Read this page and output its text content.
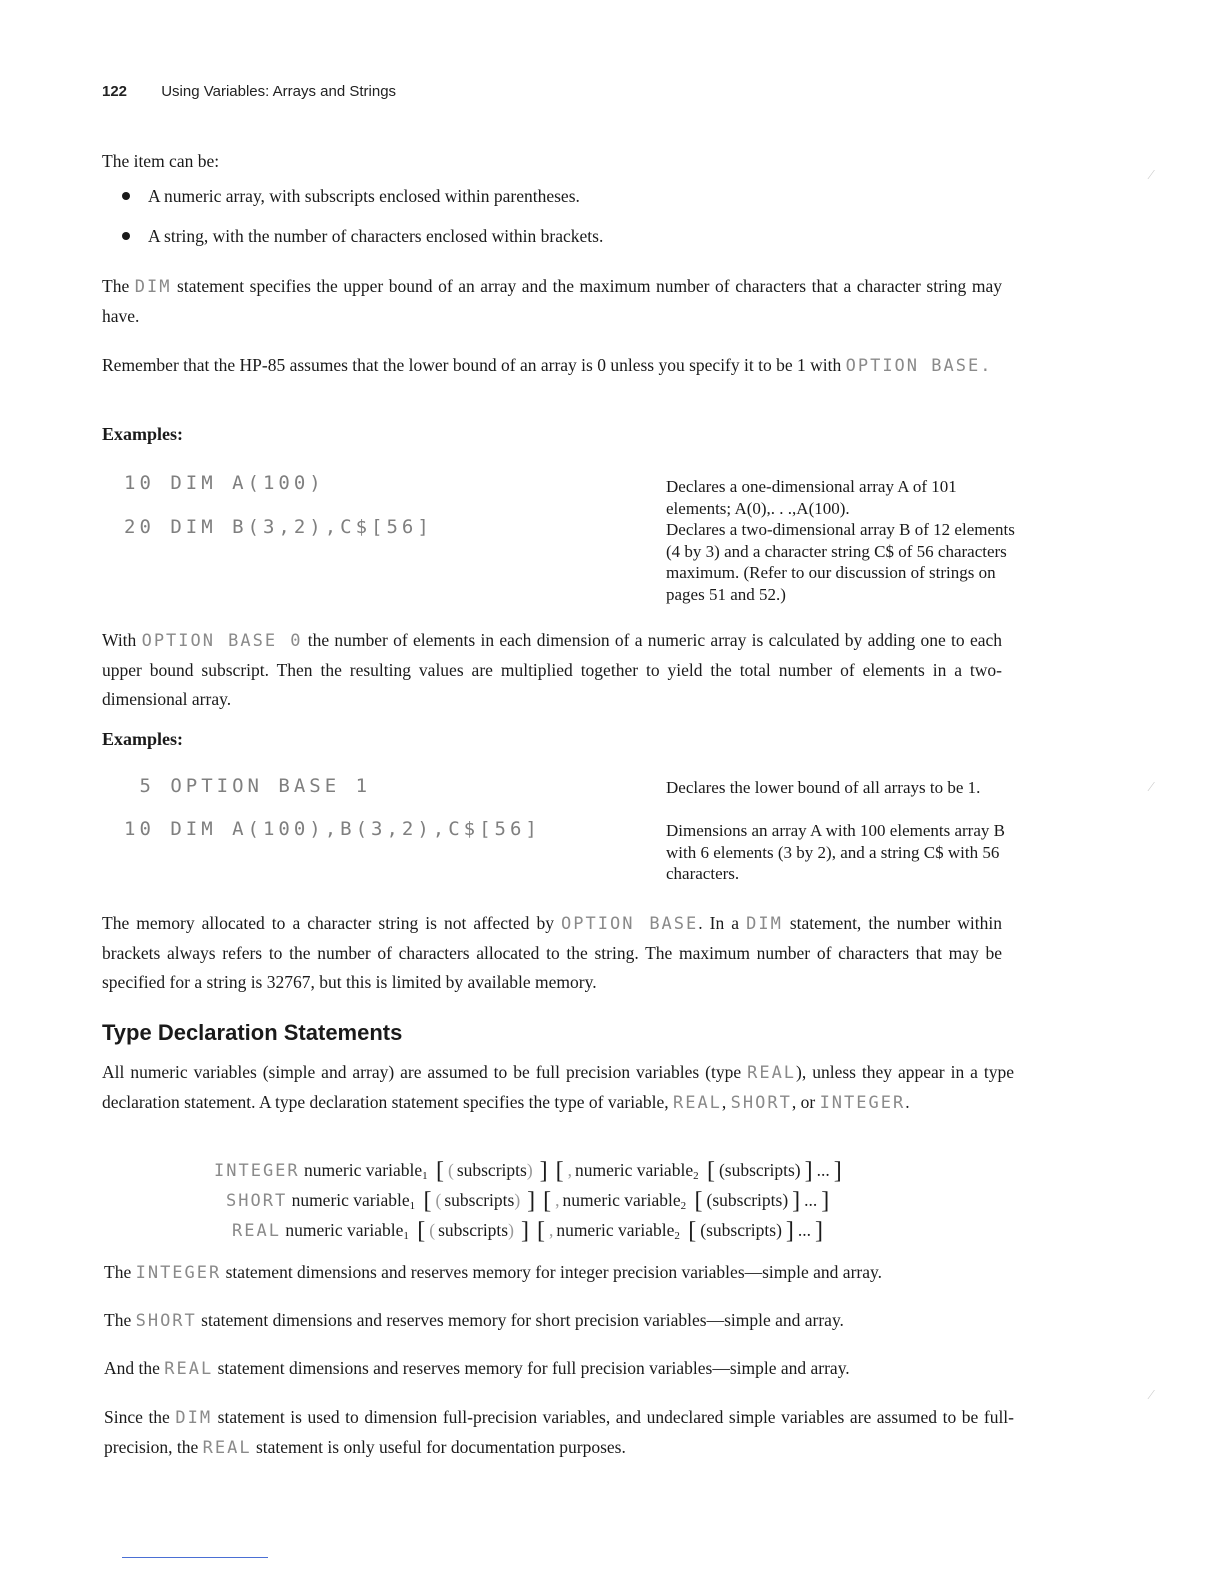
122 Using Variables: Arrays and Strings
The item can be:
A numeric array, with subscripts enclosed within parentheses.
A string, with the number of characters enclosed within brackets.
The DIM statement specifies the upper bound of an array and the maximum number of characters that a character string may have.
Remember that the HP-85 assumes that the lower bound of an array is 0 unless you specify it to be 1 with OPTION BASE.
Examples:
10 DIM A(100)	Declares a one-dimensional array A of 101 elements; A(0),. . .,A(100).
20 DIM B(3,2),C$[56]	Declares a two-dimensional array B of 12 elements (4 by 3) and a character string C$ of 56 characters maximum. (Refer to our discussion of strings on pages 51 and 52.)
With OPTION BASE 0 the number of elements in each dimension of a numeric array is calculated by adding one to each upper bound subscript. Then the resulting values are multiplied together to yield the total number of elements in a two-dimensional array.
Examples:
5 OPTION BASE 1	Declares the lower bound of all arrays to be 1.
10 DIM A(100),B(3,2),C$[56]	Dimensions an array A with 100 elements array B with 6 elements (3 by 2), and a string C$ with 56 characters.
The memory allocated to a character string is not affected by OPTION BASE. In a DIM statement, the number within brackets always refers to the number of characters allocated to the string. The maximum number of characters that may be specified for a string is 32767, but this is limited by available memory.
Type Declaration Statements
All numeric variables (simple and array) are assumed to be full precision variables (type REAL), unless they appear in a type declaration statement. A type declaration statement specifies the type of variable, REAL, SHORT, or INTEGER.
INTEGER numeric variable$_1$ [ ( subscripts) ] [ , numeric variable$_2$ [ (subscripts) ] ... ]
SHORT numeric variable$_1$ [ ( subscripts) ] [ , numeric variable$_2$ [ (subscripts) ] ... ]
REAL numeric variable$_1$ [ ( subscripts) ] [ , numeric variable$_2$ [ (subscripts) ] ... ]
The INTEGER statement dimensions and reserves memory for integer precision variables—simple and array.
The SHORT statement dimensions and reserves memory for short precision variables—simple and array.
And the REAL statement dimensions and reserves memory for full precision variables—simple and array.
Since the DIM statement is used to dimension full-precision variables, and undeclared simple variables are assumed to be full-precision, the REAL statement is only useful for documentation purposes.
⁄
⁄
⁄
